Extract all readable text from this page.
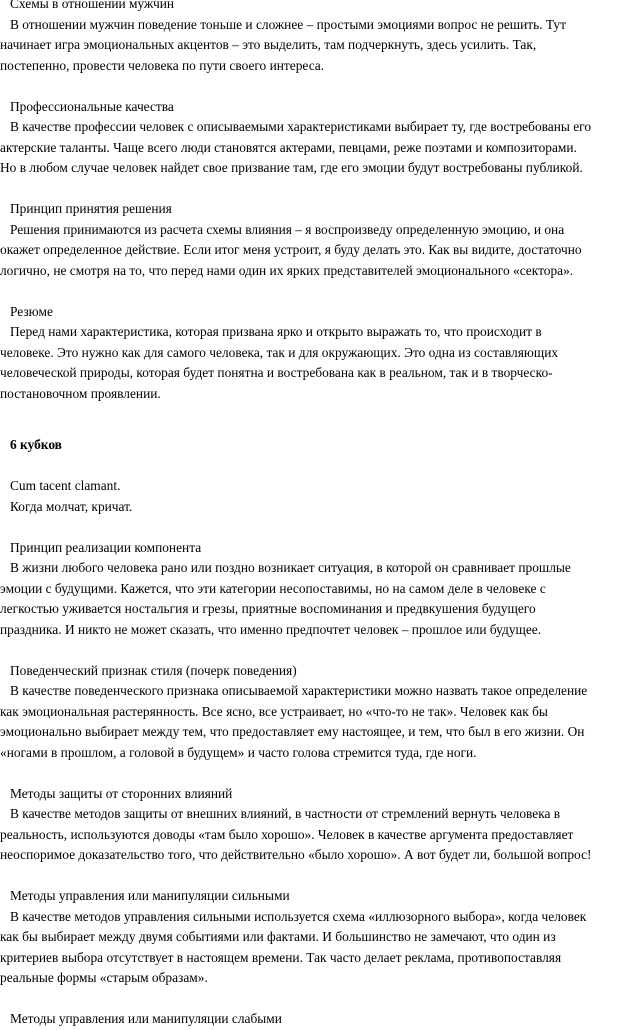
Схемы в отношении мужчин
В отношении мужчин поведение тоньше и сложнее – простыми эмоциями вопрос не решить. Тут
начинает игра эмоциональных акцентов – это выделить, там подчеркнуть, здесь усилить. Так,
постепенно, провести человека по пути своего интереса.
Профессиональные качества
В качестве профессии человек с описываемыми характеристиками выбирает ту, где востребованы его
актерские таланты. Чаще всего люди становятся актерами, певцами, реже поэтами и композиторами.
Но в любом случае человек найдет свое призвание там, где его эмоции будут востребованы публикой.
Принцип принятия решения
Решения принимаются из расчета схемы влияния – я воспроизведу определенную эмоцию, и она
окажет определенное действие. Если итог меня устроит, я буду делать это. Как вы видите, достаточно
логично, не смотря на то, что перед нами один их ярких представителей эмоционального «сектора».
Резюме
Перед нами характеристика, которая призвана ярко и открыто выражать то, что происходит в
человеке. Это нужно как для самого человека, так и для окружающих. Это одна из составляющих
человеческой природы, которая будет понятна и востребована как в реальном, так и в творческо-
постановочном проявлении.
6 кубков
Cum tacent clamant.
Когда молчат, кричат.
Принцип реализации компонента
В жизни любого человека рано или поздно возникает ситуация, в которой он сравнивает прошлые
эмоции с будущими. Кажется, что эти категории несопоставимы, но на самом деле в человеке с
легкостью уживается ностальгия и грезы, приятные воспоминания и предвкушения будущего
праздника. И никто не может сказать, что именно предпочтет человек – прошлое или будущее.
Поведенческий признак стиля (почерк поведения)
В качестве поведенческого признака описываемой характеристики можно назвать такое определение
как эмоциональная растерянность. Все ясно, все устраивает, но «что-то не так». Человек как бы
эмоционально выбирает между тем, что предоставляет ему настоящее, и тем, что был в его жизни. Он
«ногами в прошлом, а головой в будущем» и часто голова стремится туда, где ноги.
Методы защиты от сторонних влияний
В качестве методов защиты от внешних влияний, в частности от стремлений вернуть человека в
реальность, используются доводы «там было хорошо». Человек в качестве аргумента предоставляет
неоспоримое доказательство того, что действительно «было хорошо». А вот будет ли, большой вопрос!
Методы управления или манипуляции сильными
В качестве методов управления сильными используется схема «иллюзорного выбора», когда человек
как бы выбирает между двумя событиями или фактами. И большинство не замечают, что один из
критериев выбора отсутствует в настоящем времени. Так часто делает реклама, противопоставляя
реальные формы «старым образам».
Методы управления или манипуляции слабыми
